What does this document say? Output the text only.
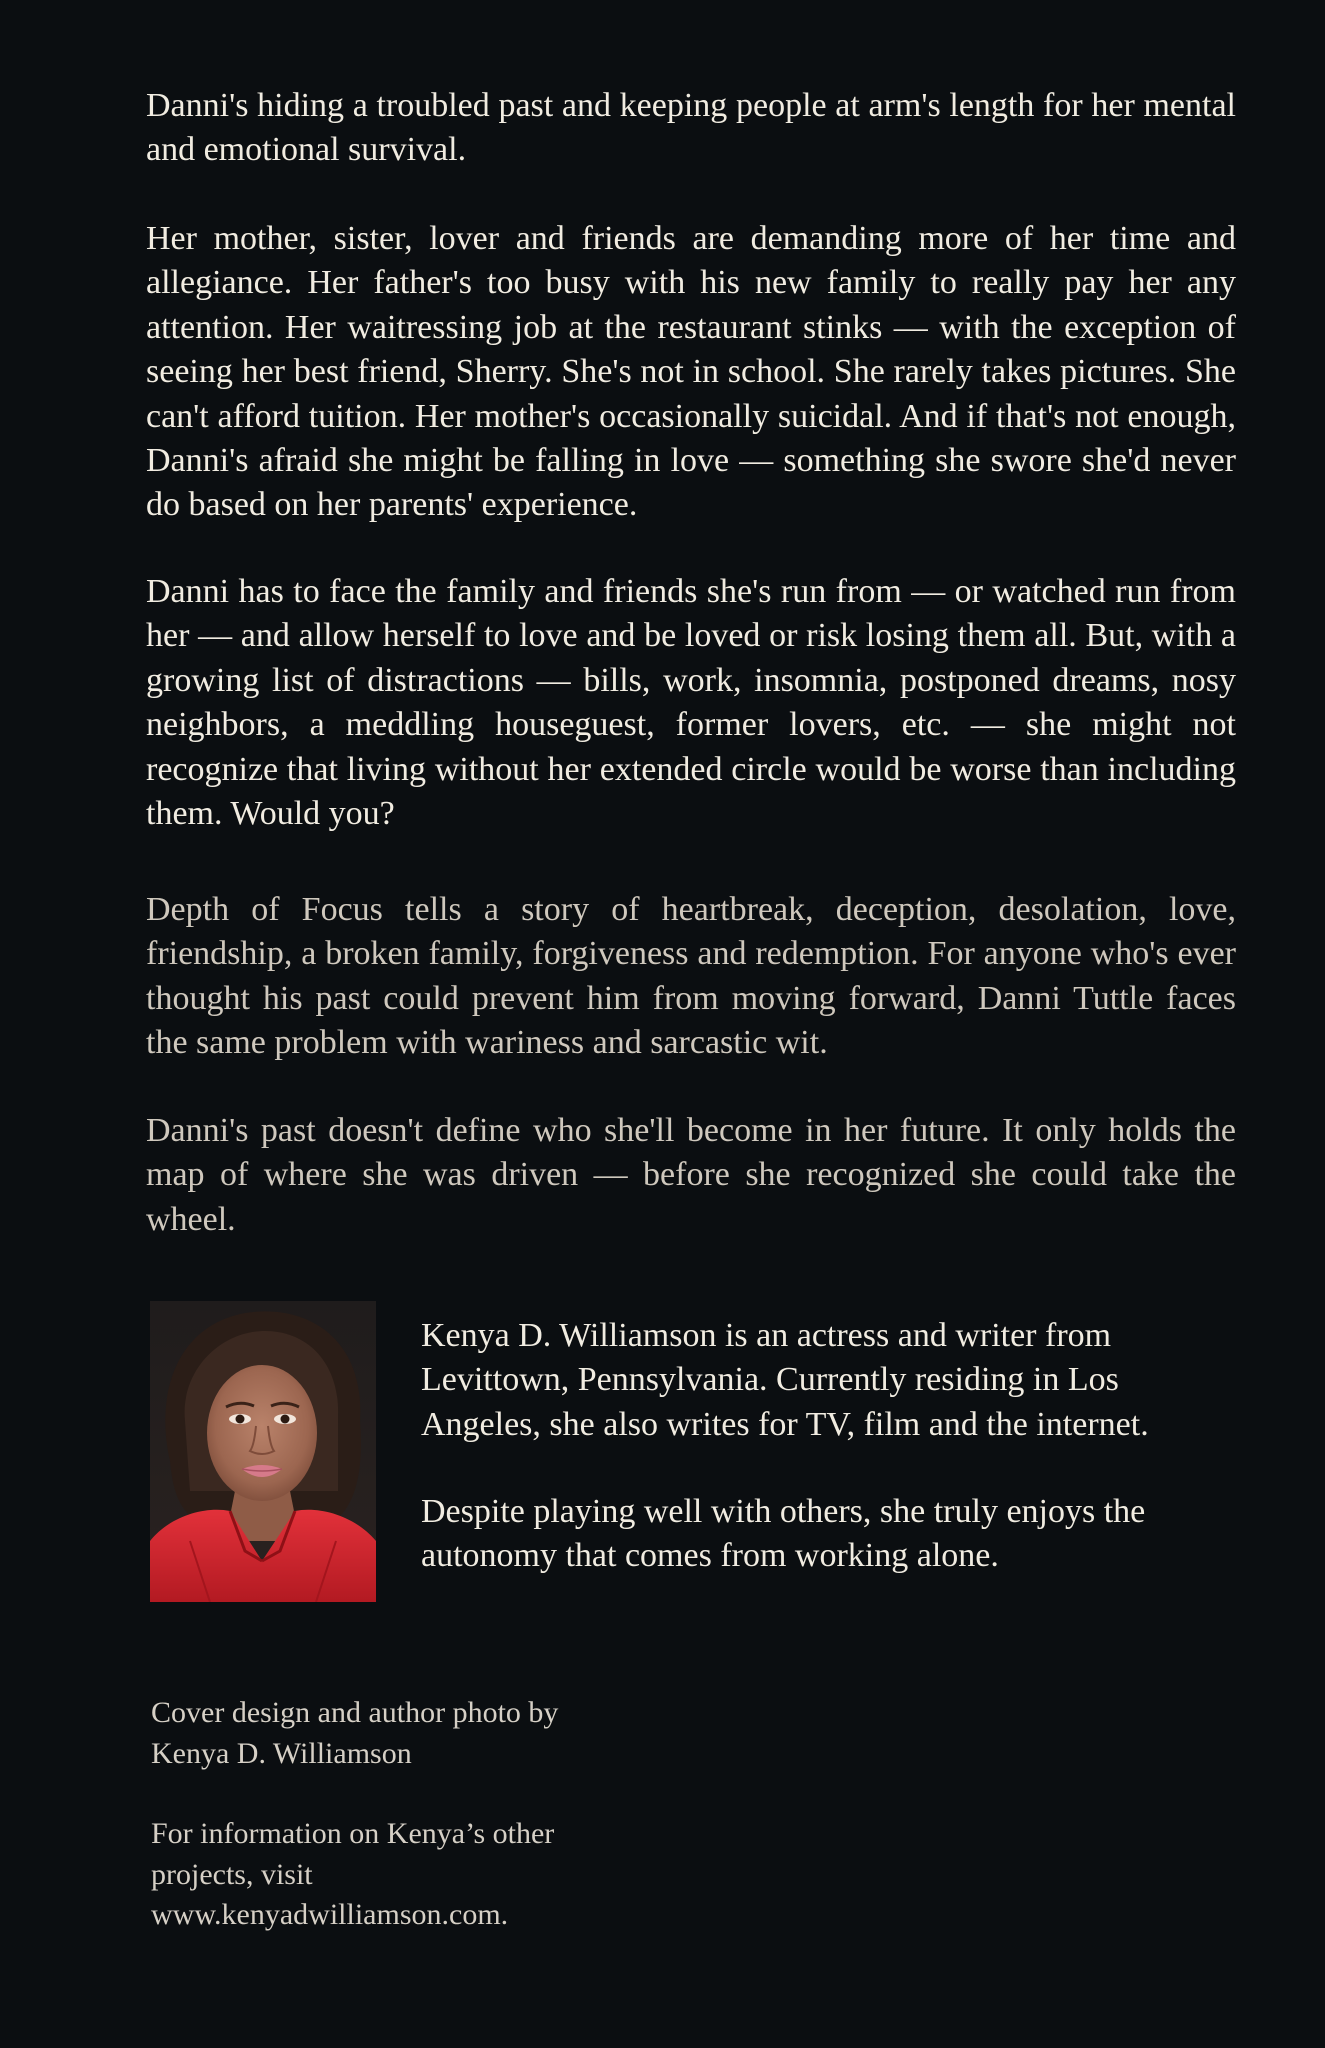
Danni's hiding a troubled past and keeping people at arm's length for her mental and emotional survival.

Her mother, sister, lover and friends are demanding more of her time and allegiance. Her father's too busy with his new family to really pay her any attention. Her waitressing job at the restaurant stinks — with the exception of seeing her best friend, Sherry. She's not in school. She rarely takes pictures. She can't afford tuition. Her mother's occasionally suicidal. And if that's not enough, Danni's afraid she might be falling in love — something she swore she'd never do based on her parents' experience.

Danni has to face the family and friends she's run from — or watched run from her — and allow herself to love and be loved or risk losing them all. But, with a growing list of distractions — bills, work, insomnia, postponed dreams, nosy neighbors, a meddling houseguest, former lovers, etc. — she might not recognize that living without her extended circle would be worse than including them. Would you?

Depth of Focus tells a story of heartbreak, deception, desolation, love, friendship, a broken family, forgiveness and redemption. For anyone who's ever thought his past could prevent him from moving forward, Danni Tuttle faces the same problem with wariness and sarcastic wit.

Danni's past doesn't define who she'll become in her future. It only holds the map of where she was driven — before she recognized she could take the wheel.

Kenya D. Williamson is an actress and writer from Levittown, Pennsylvania. Currently residing in Los Angeles, she also writes for TV, film and the internet.

Despite playing well with others, she truly enjoys the autonomy that comes from working alone.

Cover design and author photo by
Kenya D. Williamson

For information on Kenya’s other
projects, visit
www.kenyadwilliamson.com.
